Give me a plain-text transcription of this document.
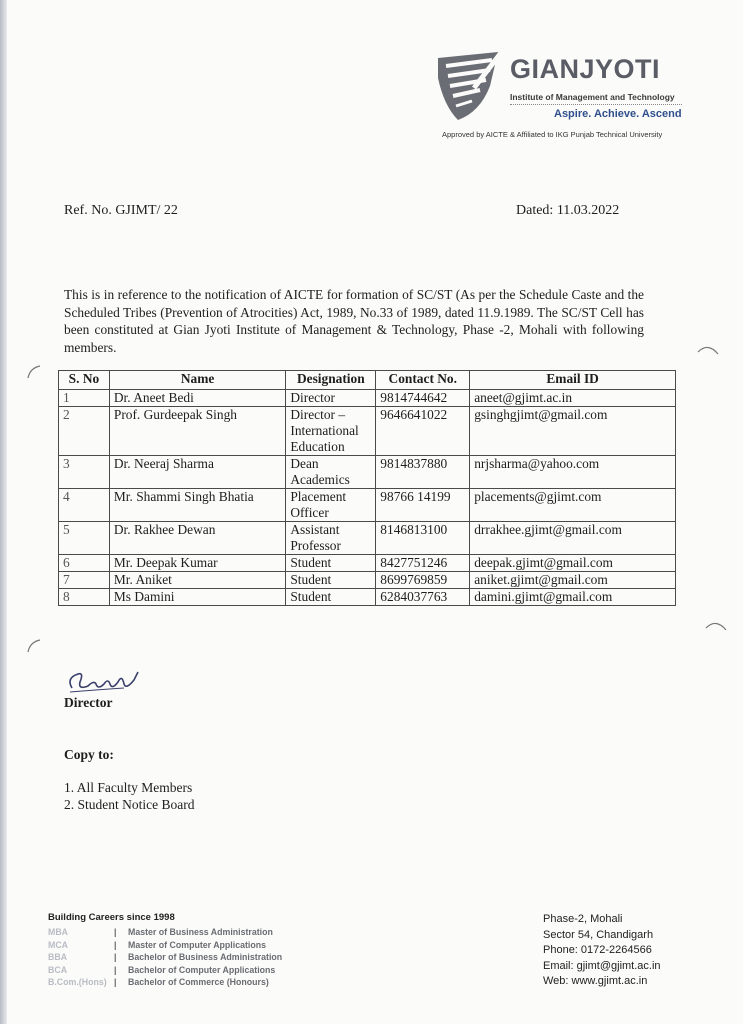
GIANJYOTI
Institute of Management and Technology
Aspire. Achieve. Ascend
Approved by AICTE & Affiliated to IKG Punjab Technical University
Ref. No. GJIMT/ 22	Dated: 11.03.2022
This is in reference to the notification of AICTE for formation of SC/ST (As per the Schedule Caste and the Scheduled Tribes (Prevention of Atrocities) Act, 1989, No.33 of 1989, dated 11.9.1989. The SC/ST Cell has been constituted at Gian Jyoti Institute of Management & Technology, Phase -2, Mohali with following members.
S. No	Name	Designation	Contact No.	Email ID
1	Dr. Aneet Bedi	Director	9814744642	aneet@gjimt.ac.in
2	Prof. Gurdeepak Singh	Director – International Education	9646641022	gsinghgjimt@gmail.com
3	Dr. Neeraj Sharma	Dean Academics	9814837880	nrjsharma@yahoo.com
4	Mr. Shammi Singh Bhatia	Placement Officer	98766 14199	placements@gjimt.com
5	Dr. Rakhee Dewan	Assistant Professor	8146813100	drrakhee.gjimt@gmail.com
6	Mr. Deepak Kumar	Student	8427751246	deepak.gjimt@gmail.com
7	Mr. Aniket	Student	8699769859	aniket.gjimt@gmail.com
8	Ms Damini	Student	6284037763	damini.gjimt@gmail.com
Director
Copy to:
1. All Faculty Members
2. Student Notice Board
Building Careers since 1998
MBA	|	Master of Business Administration
MCA	|	Master of Computer Applications
BBA	|	Bachelor of Business Administration
BCA	|	Bachelor of Computer Applications
B.Com.(Hons) |	Bachelor of Commerce (Honours)
Phase-2, Mohali
Sector 54, Chandigarh
Phone: 0172-2264566
Email: gjimt@gjimt.ac.in
Web: www.gjimt.ac.in
